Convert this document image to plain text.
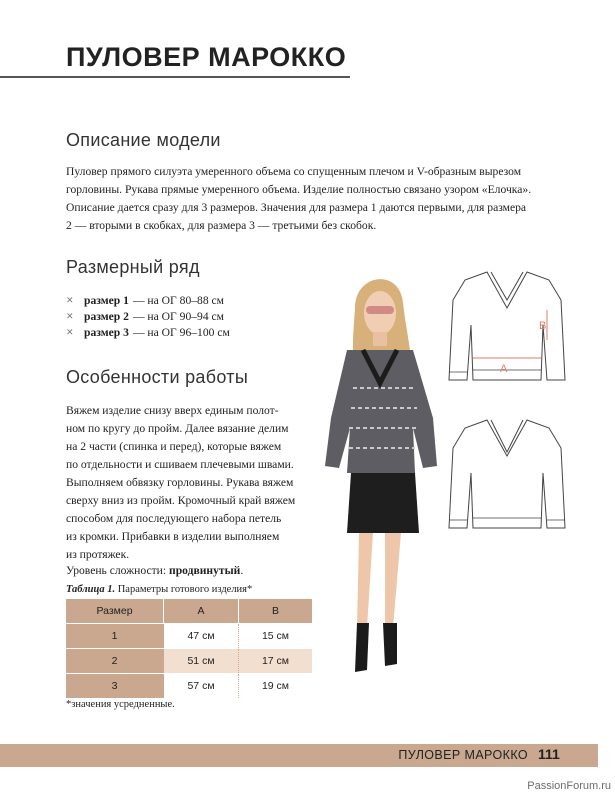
ПУЛОВЕР МАРОККО
Описание модели
Пуловер прямого силуэта умеренного объема со спущенным плечом и V-образным вырезом
горловины. Рукава прямые умеренного объема. Изделие полностью связано узором «Елочка».
Описание дается сразу для 3 размеров. Значения для размера 1 даются первыми, для размера
2 — вторыми в скобках, для размера 3 — третьими без скобок.
Размерный ряд
✕ размер 1 — на ОГ 80–88 см
✕ размер 2 — на ОГ 90–94 см
✕ размер 3 — на ОГ 96–100 см
Особенности работы
Вяжем изделие снизу вверх единым полот-
ном по кругу до пройм. Далее вязание делим
на 2 части (спинка и перед), которые вяжем
по отдельности и сшиваем плечевыми швами.
Выполняем обвязку горловины. Рукава вяжем
сверху вниз из пройм. Кромочный край вяжем
способом для последующего набора петель
из кромки. Прибавки в изделии выполняем
из протяжек.
Уровень сложности: продвинутый.
Таблица 1. Параметры готового изделия*
Размер	A	B
1	47 см	15 см
2	51 см	17 см
3	57 см	19 см
*значения усредненные.
A
B
ПУЛОВЕР МАРОККО 111
PassionForum.ru
